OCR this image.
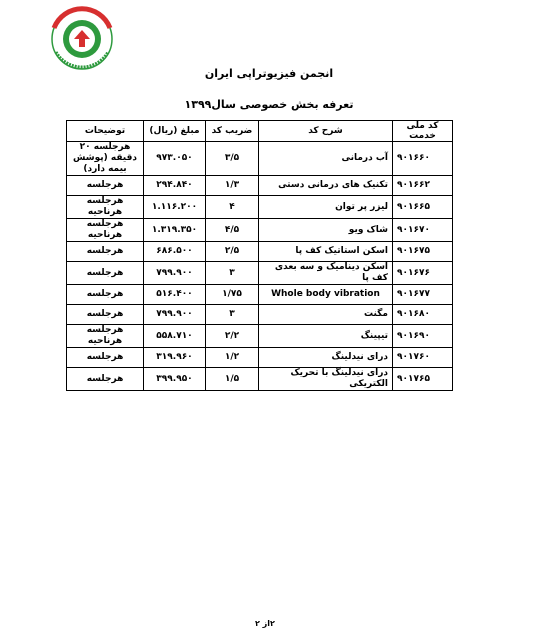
انجمن فیزیوتراپی ایران
تعرفه بخش خصوصی سال۱۳۹۹
کد ملی خدمت	شرح کد	ضریب کد	مبلغ (ریال)	توضیحات
۹۰۱۶۶۰	آب درمانی	۳/۵	۹۷۳.۰۵۰	هرجلسه ۲۰ دقیقه (پوشش بیمه دارد)
۹۰۱۶۶۲	تکنیک های درمانی دستی	۱/۳	۲۹۴.۸۴۰	هرجلسه
۹۰۱۶۶۵	لیزر پر توان	۴	۱.۱۱۶.۲۰۰	هرجلسه هرناحیه
۹۰۱۶۷۰	شاک ویو	۴/۵	۱.۳۱۹.۳۵۰	هرجلسه هرناحیه
۹۰۱۶۷۵	اسکن استاتیک کف پا	۲/۵	۶۸۶.۵۰۰	هرجلسه
۹۰۱۶۷۶	اسکن دینامیک و سه بعدی کف پا	۳	۷۹۹.۹۰۰	هرجلسه
۹۰۱۶۷۷	Whole body vibration	۱/۷۵	۵۱۶.۴۰۰	هرجلسه
۹۰۱۶۸۰	مگنت	۳	۷۹۹.۹۰۰	هرجلسه
۹۰۱۶۹۰	تیپینگ	۲/۲	۵۵۸.۷۱۰	هرجلسه هرناحیه
۹۰۱۷۶۰	درای نیدلینگ	۱/۲	۳۱۹.۹۶۰	هرجلسه
۹۰۱۷۶۵	درای نیدلینگ با تحریک الکتریکی	۱/۵	۳۹۹.۹۵۰	هرجلسه
۲از ۲
